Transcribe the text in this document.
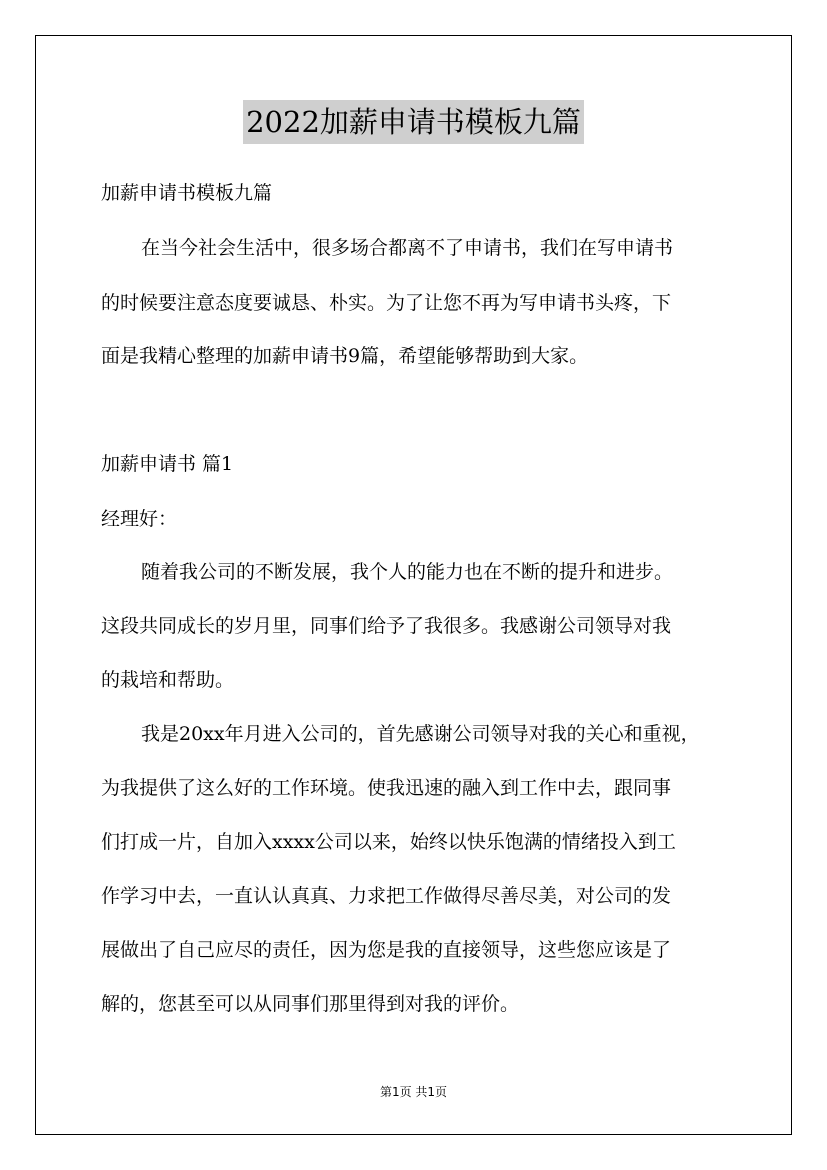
2022加薪申请书模板九篇
加薪申请书模板九篇
在当今社会生活中，很多场合都离不了申请书，我们在写申请书
的时候要注意态度要诚恳、朴实。为了让您不再为写申请书头疼，下
面是我精心整理的加薪申请书9篇，希望能够帮助到大家。
加薪申请书 篇1
经理好：
随着我公司的不断发展，我个人的能力也在不断的提升和进步。
这段共同成长的岁月里，同事们给予了我很多。我感谢公司领导对我
的栽培和帮助。
我是20xx年月进入公司的，首先感谢公司领导对我的关心和重视，
为我提供了这么好的工作环境。使我迅速的融入到工作中去，跟同事
们打成一片，自加入xxxx公司以来，始终以快乐饱满的情绪投入到工
作学习中去，一直认认真真、力求把工作做得尽善尽美，对公司的发
展做出了自己应尽的责任，因为您是我的直接领导，这些您应该是了
解的，您甚至可以从同事们那里得到对我的评价。
第1页 共1页
